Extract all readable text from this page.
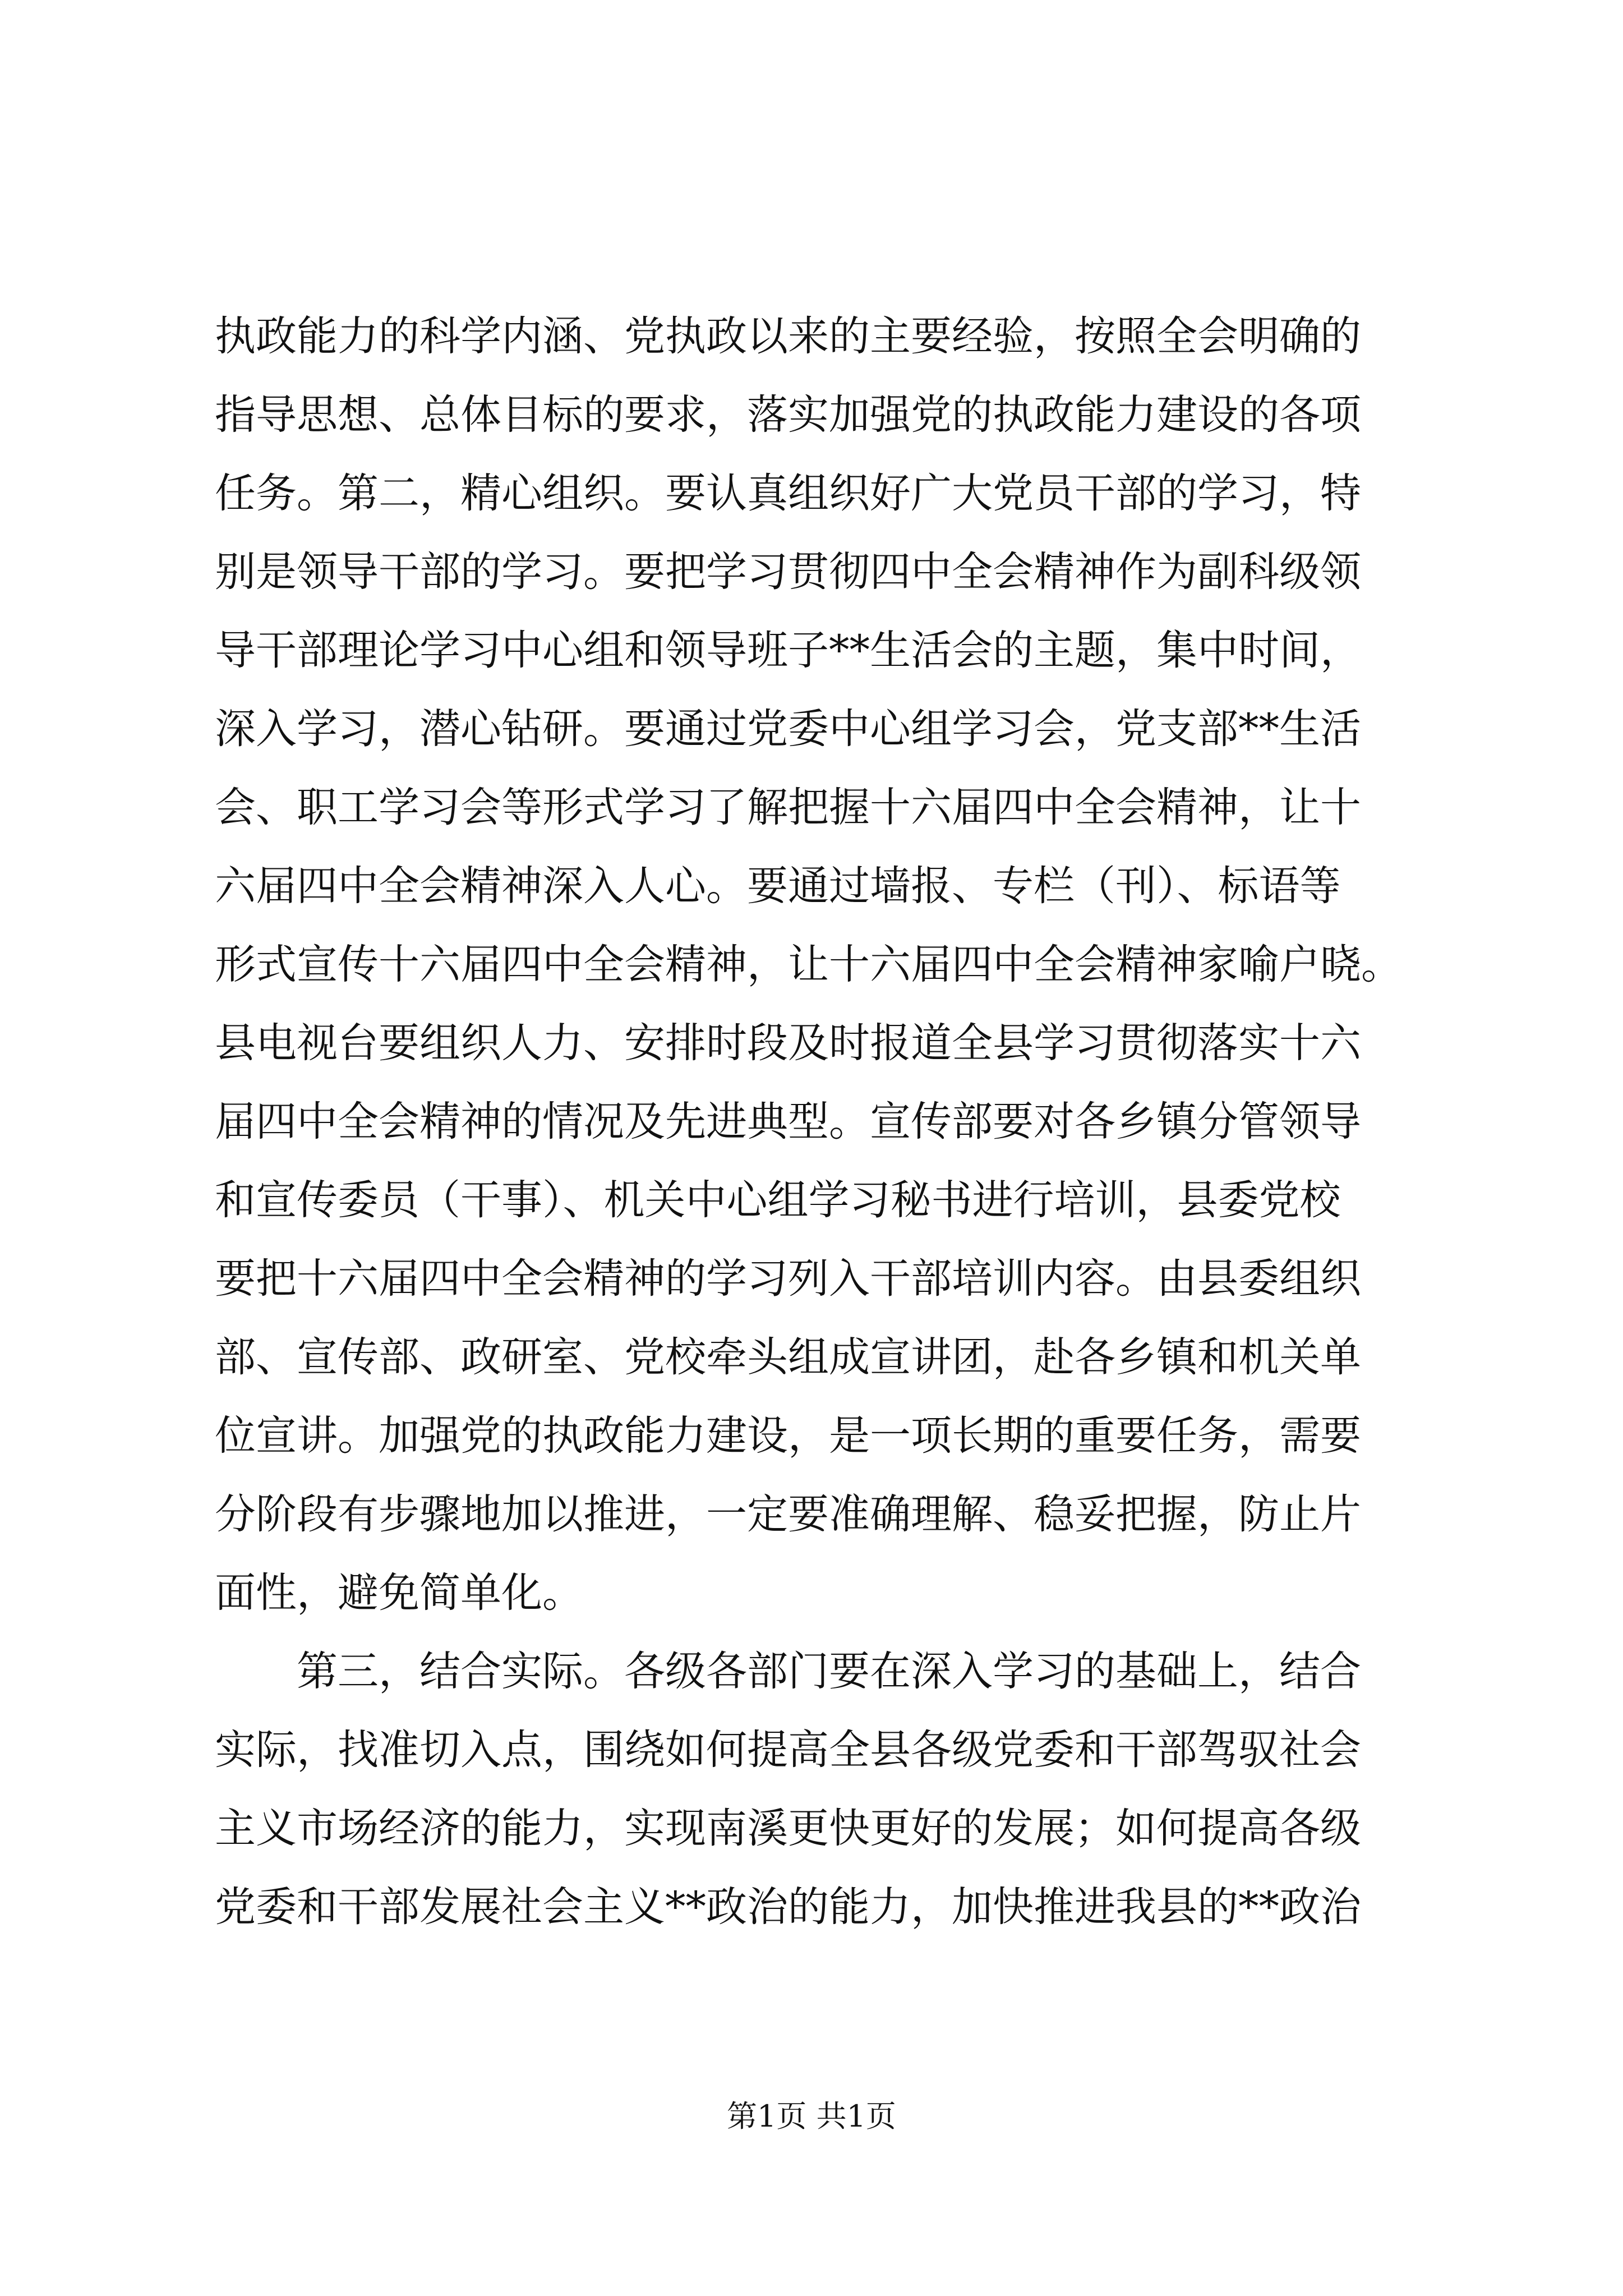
执政能力的科学内涵、党执政以来的主要经验，按照全会明确的
指导思想、总体目标的要求，落实加强党的执政能力建设的各项
任务。第二，精心组织。要认真组织好广大党员干部的学习，特
别是领导干部的学习。要把学习贯彻四中全会精神作为副科级领
导干部理论学习中心组和领导班子**生活会的主题，集中时间，
深入学习，潜心钻研。要通过党委中心组学习会，党支部**生活
会、职工学习会等形式学习了解把握十六届四中全会精神，让十
六届四中全会精神深入人心。要通过墙报、专栏（刊）、标语等
形式宣传十六届四中全会精神，让十六届四中全会精神家喻户晓。
县电视台要组织人力、安排时段及时报道全县学习贯彻落实十六
届四中全会精神的情况及先进典型。宣传部要对各乡镇分管领导
和宣传委员（干事）、机关中心组学习秘书进行培训，县委党校
要把十六届四中全会精神的学习列入干部培训内容。由县委组织
部、宣传部、政研室、党校牵头组成宣讲团，赴各乡镇和机关单
位宣讲。加强党的执政能力建设，是一项长期的重要任务，需要
分阶段有步骤地加以推进，一定要准确理解、稳妥把握，防止片
面性，避免简单化。
　　第三，结合实际。各级各部门要在深入学习的基础上，结合
实际，找准切入点，围绕如何提高全县各级党委和干部驾驭社会
主义市场经济的能力，实现南溪更快更好的发展；如何提高各级
党委和干部发展社会主义**政治的能力，加快推进我县的**政治
第1页 共1页
